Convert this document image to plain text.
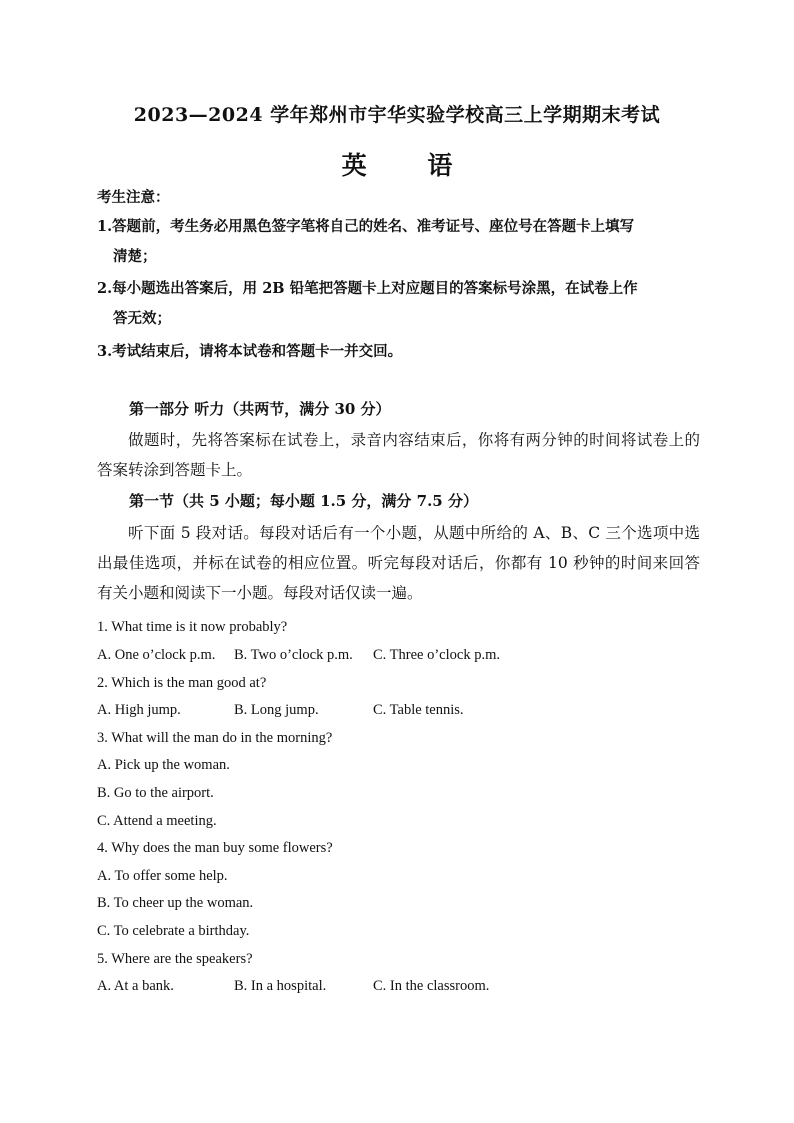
2023—2024 学年郑州市宇华实验学校高三上学期期末考试
英 语
考生注意：
1.答题前，考生务必用黑色签字笔将自己的姓名、准考证号、座位号在答题卡上填写
清楚；
2.每小题选出答案后，用 2B 铅笔把答题卡上对应题目的答案标号涂黑，在试卷上作
答无效；
3.考试结束后，请将本试卷和答题卡一并交回。
第一部分 听力（共两节，满分 30 分）
做题时，先将答案标在试卷上，录音内容结束后，你将有两分钟的时间将试卷上的答案转涂到答题卡上。
第一节（共 5 小题；每小题 1.5 分，满分 7.5 分）
听下面 5 段对话。每段对话后有一个小题，从题中所给的 A、B、C 三个选项中选出最佳选项，并标在试卷的相应位置。听完每段对话后，你都有 10 秒钟的时间来回答有关小题和阅读下一小题。每段对话仅读一遍。
1. What time is it now probably?

A. One o’clock p.m.

B. Two o’clock p.m.

C. Three o’clock p.m.

2. Which is the man good at?

A. High jump.

	B. Long jump.

	C. Table tennis.

3. What will the man do in the morning?
A. Pick up the woman.
B. Go to the airport.
C. Attend a meeting.
4. Why does the man buy some flowers?
A. To offer some help.
B. To cheer up the woman.
C. To celebrate a birthday.
5. Where are the speakers?

A. At a bank.

	B. In a hospital.

	C. In the classroom.
